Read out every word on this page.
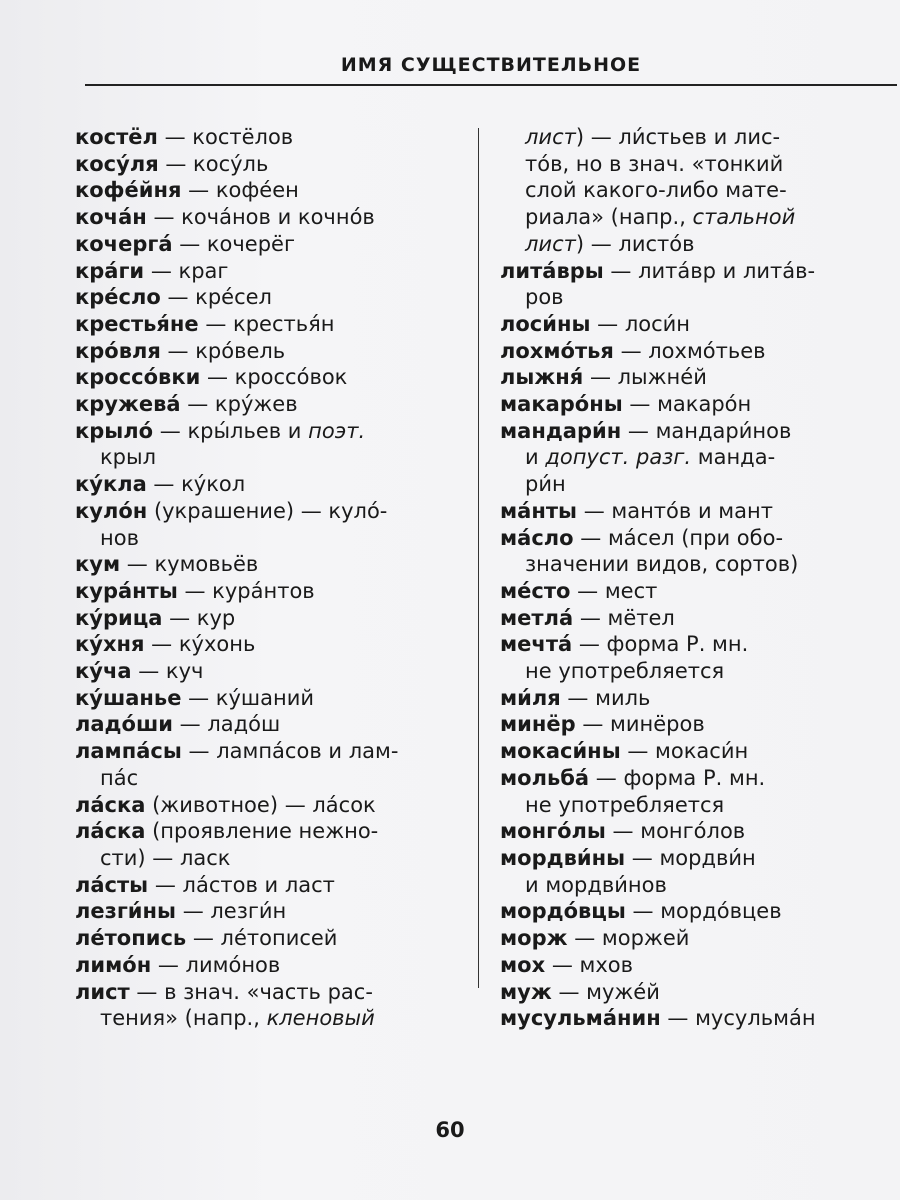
ИМЯ СУЩЕСТВИТЕЛЬНОЕ
костёл — костёлов
косу́ля — косу́ль
кофе́йня — кофе́ен
коча́н — коча́нов и кочно́в
кочерга́ — кочерёг
кра́ги — краг
кре́сло — кре́сел
крестья́не — крестья́н
кро́вля — кро́вель
кроссо́вки — кроссо́вок
кружева́ — кру́жев
крыло́ — кры́льев и поэт.
крыл
ку́кла — ку́кол
куло́н (украшение) — куло́-
нов
кум — кумовьёв
кура́нты — кура́нтов
ку́рица — кур
ку́хня — ку́хонь
ку́ча — куч
ку́шанье — ку́шаний
ладо́ши — ладо́ш
лампа́сы — лампа́сов и лам-
па́с
ла́ска (животное) — ла́сок
ла́ска (проявление нежно-
сти) — ласк
ла́сты — ла́стов и ласт
лезги́ны — лезги́н
ле́топись — ле́тописей
лимо́н — лимо́нов
лист — в знач. «часть рас-
тения» (напр., кленовый
лист) — ли́стьев и лис-
то́в, но в знач. «тонкий
слой какого-либо мате-
риала» (напр., стальной
лист) — листо́в
лита́вры — лита́вр и лита́в-
ров
лоси́ны — лоси́н
лохмо́тья — лохмо́тьев
лыжня́ — лыжне́й
макаро́ны — макаро́н
мандари́н — мандари́нов
и допуст. разг. манда-
ри́н
ма́нты — манто́в и мант
ма́сло — ма́сел (при обо-
значении видов, сортов)
ме́сто — мест
метла́ — мётел
мечта́ — форма Р. мн.
не употребляется
ми́ля — миль
минёр — минёров
мокаси́ны — мокаси́н
мольба́ — форма Р. мн.
не употребляется
монго́лы — монго́лов
мордви́ны — мордви́н
и мордви́нов
мордо́вцы — мордо́вцев
морж — моржей
мох — мхов
муж — муже́й
мусульма́нин — мусульма́н
60
